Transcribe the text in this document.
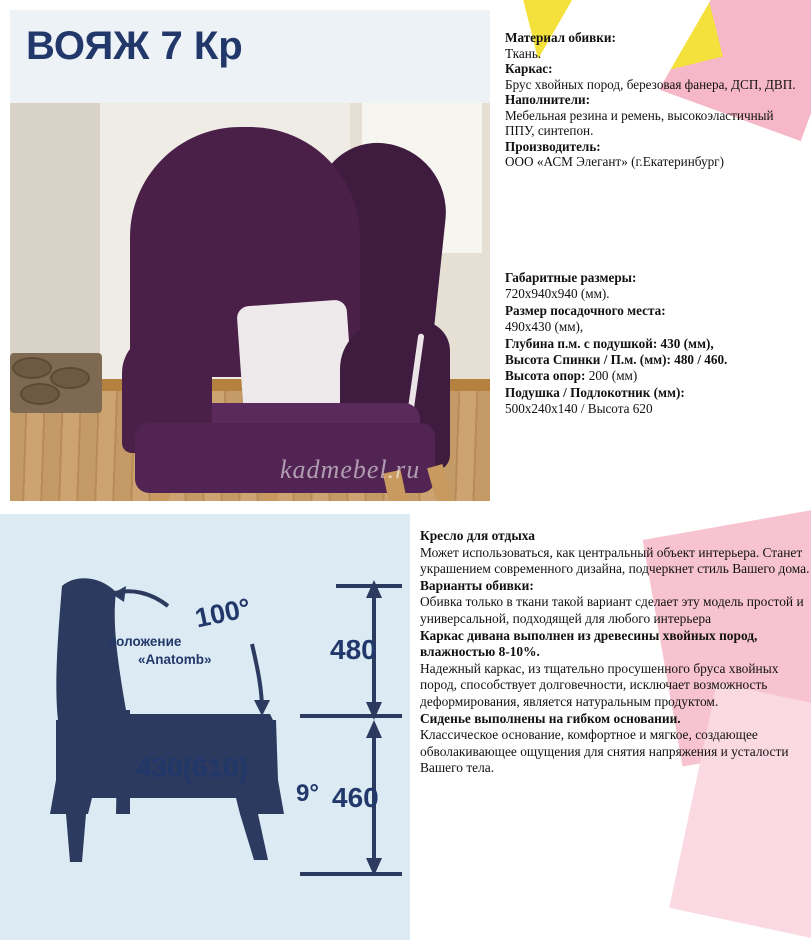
ВОЯЖ 7 Кр
kadmebel.ru
Материал обивки:
Ткань.
Каркас:
Брус хвойных пород, березовая фанера, ДСП, ДВП.
Наполнители:
Мебельная резина и ремень, высокоэластичный ППУ, синтепон.
Производитель:
ООО «АСМ Элегант» (г.Екатеринбург)
Габаритные размеры:
720х940х940 (мм).
Размер посадочного места:
490х430 (мм),
Глубина п.м. с подушкой: 430 (мм),
Высота Спинки / П.м. (мм): 480 / 460.
Высота опор: 200 (мм)
Подушка / Подлокотник (мм):
500х240х140 / Высота 620
100°
положение
«Anatomb»	480
430(610)
9° 460

Кресло для отдыха
Может использоваться, как центральный объект интерьера. Станет украшением современного дизайна, подчеркнет стиль Вашего дома.

Варианты обивки:
Обивка только в ткани такой вариант сделает эту модель простой и универсальной, подходящей для любого интерьера

Каркас дивана выполнен из древесины хвойных пород, влажностью 8-10%.
Надежный каркас, из тщательно просушенного бруса хвойных пород, способствует долговечности, исключает возможность деформирования, является натуральным продуктом.

Сиденье выполнены на гибком основании.
Классическое основание, комфортное и мягкое, создающее обволакивающее ощущения для снятия напряжения и усталости Вашего тела.
